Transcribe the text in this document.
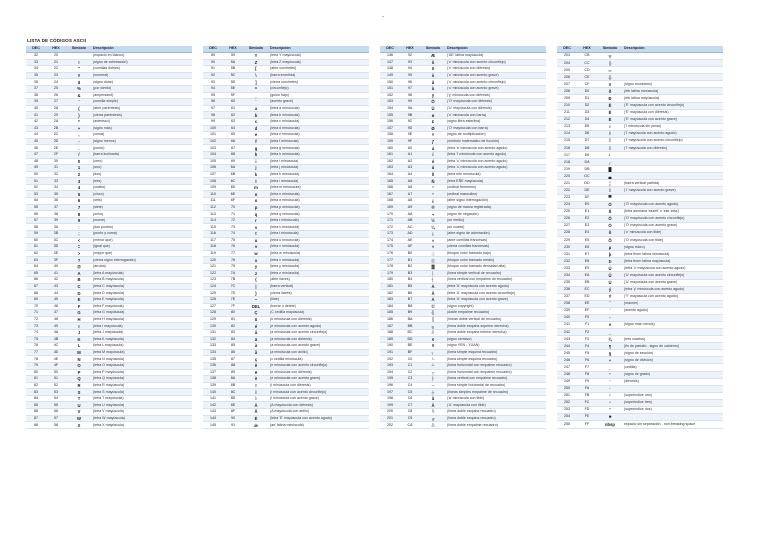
-
LISTA DE CÓDIGOS ASCII
DEC	HEX	Símbolo	Descripción
32	20		(espacio en blanco)
33	21	!	(signo de admiración)
34	22	"	(comillas dobles)
35	23	#	(numeral)
36	24	$	(signo dólar)
37	25	%	(por ciento)
38	26	&	(ampersand)
39	27	'	(comilla simple)
40	28	(	(abre paréntesis)
41	29	)	(cierra paréntesis)
42	2A	*	(asterisco)
43	2B	+	(signo más)
44	2C	,	(coma)
45	2D	-	(signo menos)
46	2E	.	(punto)
47	2F	/	(barra inclinada)
48	30	0	(cero)
49	31	1	(uno)
50	32	2	(dos)
51	33	3	(tres)
52	34	4	(cuatro)
53	35	5	(cinco)
54	36	6	(seis)
55	37	7	(siete)
56	38	8	(ocho)
57	39	9	(nueve)
58	3A	:	(dos puntos)
59	3B	;	(punto y coma)
60	3C	<	(menor que)
61	3D	=	(igual que)
62	3E	>	(mayor que)
63	3F	?	(cierra signo interrogación)
64	40	@	(arroba)
65	41	A	(letra A mayúscula)
66	42	B	(letra B mayúscula)
67	43	C	(letra C mayúscula)
68	44	D	(letra D mayúscula)
69	45	E	(letra E mayúscula)
70	46	F	(letra F mayúscula)
71	47	G	(letra G mayúscula)
72	48	H	(letra H mayúscula)
73	49	I	(letra I mayúscula)
74	4A	J	(letra J mayúscula)
75	4B	K	(letra K mayúscula)
76	4C	L	(letra L mayúscula)
77	4D	M	(letra M mayúscula)
78	4E	N	(letra N mayúscula)
79	4F	O	(letra O mayúscula)
80	50	P	(letra P mayúscula)
81	51	Q	(letra Q mayúscula)
82	52	R	(letra R mayúscula)
83	53	S	(letra S mayúscula)
84	54	T	(letra T mayúscula)
85	55	U	(letra U mayúscula)
86	56	V	(letra V mayúscula)
87	57	W	(letra W mayúscula)
88	58	X	(letra X mayúscula)
DEC	HEX	Símbolo	Descripción
89	59	Y	(letra Y mayúscula)
90	5A	Z	(letra Z mayúscula)
91	5B	[	(abre corchetes)
92	5C	\	(barra invertida)
93	5D	]	(cierra corchetes)
94	5E	^	(circunflejo)
95	5F	_	(guión bajo)
96	60	`	(acento grave)
97	61	a	(letra a minúscula)
98	62	b	(letra b minúscula)
99	63	c	(letra c minúscula)
100	64	d	(letra d minúscula)
101	65	e	(letra e minúscula)
102	66	f	(letra f minúscula)
103	67	g	(letra g minúscula)
104	68	h	(letra h minúscula)
105	69	i	(letra i minúscula)
106	6A	j	(letra j minúscula)
107	6B	k	(letra k minúscula)
108	6C	l	(letra l minúscula)
109	6D	m	(letra m minúscula)
110	6E	n	(letra n minúscula)
111	6F	o	(letra o minúscula)
112	70	p	(letra p minúscula)
113	71	q	(letra q minúscula)
114	72	r	(letra r minúscula)
115	73	s	(letra s minúscula)
116	74	t	(letra t minúscula)
117	75	u	(letra u minúscula)
118	76	v	(letra v minúscula)
119	77	w	(letra w minúscula)
120	78	x	(letra x minúscula)
121	79	y	(letra y minúscula)
122	7A	z	(letra z minúscula)
123	7B	{	(abre llaves)
124	7C	|	(barra vertical)
125	7D	}	(cierra llaves)
126	7E	~	(tilde)
127	7F	DEL	(borrar o delete)
128	80	Ç	(C cedilla mayúscula)
129	81	ü	(u minúscula con diéresis)
130	82	é	(e minúscula con acento agudo)
131	83	â	(a minúscula con acento circunflejo)
132	84	ä	(a minúscula con diéresis)
133	85	à	(a minúscula con acento grave)
134	86	å	(a minúscula con anillo)
135	87	ç	(c cedilla minúscula)
136	88	ê	(e minúscula con acento circunflejo)
137	89	ë	(e minúscula con diéresis)
138	8A	è	(e minúscula con acento grave)
139	8B	ï	(i minúscula con diéresis)
140	8C	î	(i minúscula con acento circunflejo)
141	8D	ì	(i minúscula con acento grave)
142	8E	Ä	(A mayúscula con diéresis)
143	8F	Å	(A mayúscula con anillo)
144	90	É	(letra 'E' mayúscula con acento agudo)
145	91	æ	(ae' latina minúscula)
DEC	HEX	Símbolo	Descripción
146	92	Æ	('AE' latina mayúscula)
147	93	ô	('o' minúscula con acento circunflejo)
148	94	ö	('o' minúscula con diéresis)
149	95	ò	('o' minúscula con acento grave)
150	96	û	('u' minúscula con acento circunflejo)
151	97	ù	('u' minúscula con acento grave)
152	98	ÿ	('y' minúscula con diéresis)
153	99	Ö	('O' mayúscula con diéresis)
154	9A	Ü	('U' mayúscula con diéresis)
155	9B	ø	('o' minúscula con barra)
156	9C	£	(signo libra esterlina)
157	9D	Ø	('O' mayúscula con barra)
158	9E	×	(signo de multiplicación)
159	9F	ƒ	(símbolo matemático de función)
160	A0	á	(letra 'a' minúscula con acento agudo)
161	A1	í	(letra 'i' minúscula con acento agudo)
162	A2	ó	(letra 'o' minúscula con acento agudo)
163	A3	ú	(letra 'u' minúscula con acento agudo)
164	A4	ñ	(letra eñe minúscula)
165	A5	Ñ	(letra EÑE mayúscula)
166	A6	ª	(ordinal femenino)
167	A7	º	(ordinal masculino)
168	A8	¿	(abre signo interrogación)
169	A9	®	(signo de marca registrada)
170	AA	¬	(signo de negación)
171	AB	½	(un medio)
172	AC	¼	(un cuarto)
173	AD	¡	(abre signo de admiración)
174	AE	«	(abre comillas francesas)
175	AF	»	(cierra comillas francesas)
176	B0	░	(bloque color tramado bajo)
177	B1	▒	(bloque color tramado medio)
178	B2	▓	(bloque color tramado densidad alta)
179	B3	│	(línea simple vertical de recuadro)
180	B4	┤	(línea vertical con empalme de recuadro)
181	B5	Á	(letra 'A' mayúscula con acento agudo)
182	B6	Â	(letra 'A' mayúscula con acento circunflejo)
183	B7	À	(letra 'A' mayúscula con acento grave)
184	B8	©	(signo copyright)
185	B9	╣	(doble empalme recuadro)
186	BA	║	(líneas doble vertical de recuadro)
187	BB	╗	(línea doble esquina superior derecha)
188	BC	╝	(línea doble esquina inferior derecha)
189	BD	¢	(signo centavo)
190	BE	¥	(signo YEN - YUAN)
191	BF	┐	(línea simple esquina recuadro)
192	C0	└	(línea simple esquina recuadro)
193	C1	┴	(línea horizontal con empalme recuadro)
194	C2	┬	(línea horizontal con empalme recuadro)
195	C3	├	(línea vertical con empalme recuadro)
196	C4	─	(línea simple horizontal de recuadro)
197	C5	┼	(líneas simples empalme de recuadro)
198	C6	ã	('a' minúscula con tilde)
199	C7	Ã	('A' mayúscula con tilde)
200	C8	╚	(línea doble esquina recuadro)
201	C9	╔	(línea doble esquina recuadro)
202	CA	╩	(línea doble empalme recuadro)
DEC	HEX	Símbolo	Descripción
203	CB	╦	
204	CC	╠	
205	CD	═	
206	CE	╬	
207	CF	¤	(signo monetario)
208	D0	ð	(eth latina minúscula)
209	D1	Ð	(eth latina mayúscula)
210	D2	Ê	('E' mayúscula con acento circunflejo)
211	D3	Ë	('E' mayúscula con diéresis)
212	D4	È	('E' mayúscula con acento grave)
213	D5	ı	('i' minúscula sin punto)
214	D6	Í	('I' mayúscula con acento agudo)
215	D7	Î	('I' mayúscula con acento circunflejo)
216	D8	Ï	('I' mayúscula con diéresis)
217	D9	┘	
218	DA	┌	
219	DB	█	
220	DC	▄	
221	DD	¦	(barra vertical partida)
222	DE	Ì	('I' mayúscula con acento grave)
223	DF	▀	
224	E0	Ó	('O' mayúscula con acento agudo)
225	E1	ß	(letra alemana 'eszett' o 'ese-zeta')
226	E2	Ô	('O' mayúscula con acento circunflejo)
227	E3	Ò	('O' mayúscula con acento grave)
228	E4	õ	('o' minúscula con tilde)
229	E5	Õ	('O' mayúscula con tilde)
230	E6	µ	(signo micro)
231	E7	þ	(letra thorn latina minúscula)
232	E8	Þ	(letra thorn latina mayúscula)
233	E9	Ú	(letra 'u' mayúscula con acento agudo)
234	EA	Û	('U' mayúscula con acento circunflejo)
235	EB	Ù	('U' mayúscula con acento grave)
236	EC	ý	(letra 'y' minúscula con acento agudo)
237	ED	Ý	('Y' mayúscula con acento agudo)
238	EE	¯	(macrón)
239	EF	´	(acento agudo)
240	F0	-	
241	F1	±	(signo más menos)
242	F2	‗	
243	F3	¾	(tres cuartos)
244	F4	¶	(fin de párrafo - signo de calderón)
245	F5	§	(signo de sección)
246	F6	÷	(signo de división)
247	F7	¸	(cedilla)
248	F8	°	(signo de grado)
249	F9	¨	(diéresis)
250	FA	·	
251	FB	¹	(superíndice uno)
252	FC	³	(superíndice tres)
253	FD	²	(superíndice dos)
254	FE	■	
255	FF	nbsp	espacio sin separación - non breaking space
